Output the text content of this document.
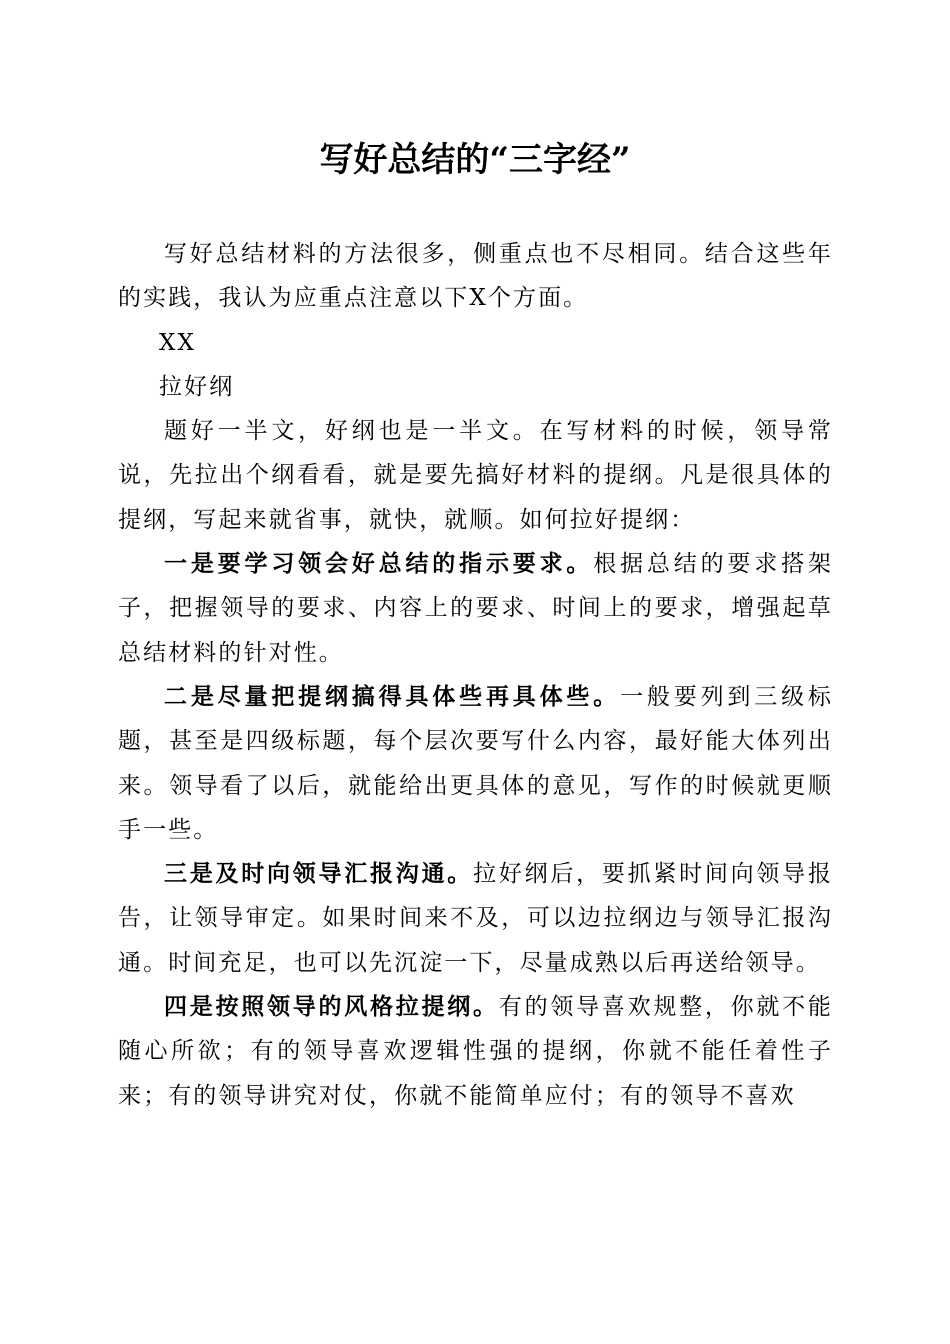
写好总结的“三字经”

写好总结材料的方法很多，侧重点也不尽相同。结合这些年的实践，我认为应重点注意以下X个方面。

XX

拉好纲

题好一半文，好纲也是一半文。在写材料的时候，领导常说，先拉出个纲看看，就是要先搞好材料的提纲。凡是很具体的提纲，写起来就省事，就快，就顺。如何拉好提纲：

一是要学习领会好总结的指示要求。根据总结的要求搭架子，把握领导的要求、内容上的要求、时间上的要求，增强起草总结材料的针对性。

二是尽量把提纲搞得具体些再具体些。一般要列到三级标题，甚至是四级标题，每个层次要写什么内容，最好能大体列出来。领导看了以后，就能给出更具体的意见，写作的时候就更顺手一些。

三是及时向领导汇报沟通。拉好纲后，要抓紧时间向领导报告，让领导审定。如果时间来不及，可以边拉纲边与领导汇报沟通。时间充足，也可以先沉淀一下，尽量成熟以后再送给领导。

四是按照领导的风格拉提纲。有的领导喜欢规整，你就不能随心所欲；有的领导喜欢逻辑性强的提纲，你就不能任着性子来；有的领导讲究对仗，你就不能简单应付；有的领导不喜欢
